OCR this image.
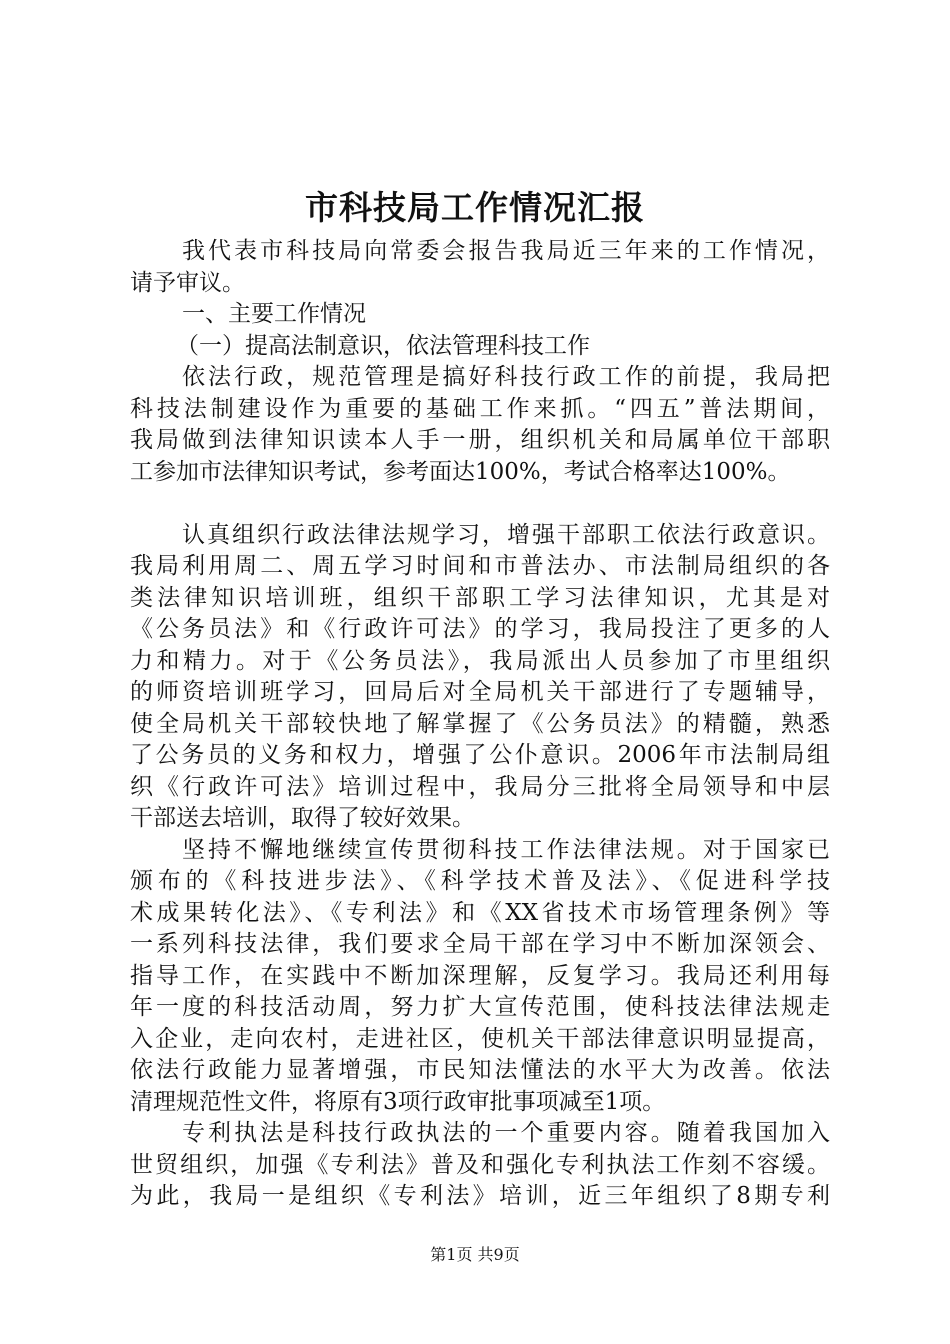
市科技局工作情况汇报
我代表市科技局向常委会报告我局近三年来的工作情况，
请予审议。
一、主要工作情况
（一）提高法制意识，依法管理科技工作
依法行政，规范管理是搞好科技行政工作的前提，我局把
科技法制建设作为重要的基础工作来抓。“四五”普法期间，
我局做到法律知识读本人手一册，组织机关和局属单位干部职
工参加市法律知识考试，参考面达100%，考试合格率达100%。
认真组织行政法律法规学习，增强干部职工依法行政意识。
我局利用周二、周五学习时间和市普法办、市法制局组织的各
类法律知识培训班，组织干部职工学习法律知识，尤其是对
《公务员法》和《行政许可法》的学习，我局投注了更多的人
力和精力。对于《公务员法》，我局派出人员参加了市里组织
的师资培训班学习，回局后对全局机关干部进行了专题辅导，
使全局机关干部较快地了解掌握了《公务员法》的精髓，熟悉
了公务员的义务和权力，增强了公仆意识。2006年市法制局组
织《行政许可法》培训过程中，我局分三批将全局领导和中层
干部送去培训，取得了较好效果。
坚持不懈地继续宣传贯彻科技工作法律法规。对于国家已
颁布的《科技进步法》、《科学技术普及法》、《促进科学技
术成果转化法》、《专利法》和《XX省技术市场管理条例》等
一系列科技法律，我们要求全局干部在学习中不断加深领会、
指导工作，在实践中不断加深理解，反复学习。我局还利用每
年一度的科技活动周，努力扩大宣传范围，使科技法律法规走
入企业，走向农村，走进社区，使机关干部法律意识明显提高，
依法行政能力显著增强，市民知法懂法的水平大为改善。依法
清理规范性文件，将原有3项行政审批事项减至1项。
专利执法是科技行政执法的一个重要内容。随着我国加入
世贸组织，加强《专利法》普及和强化专利执法工作刻不容缓。
为此，我局一是组织《专利法》培训，近三年组织了8期专利
第1页 共9页
